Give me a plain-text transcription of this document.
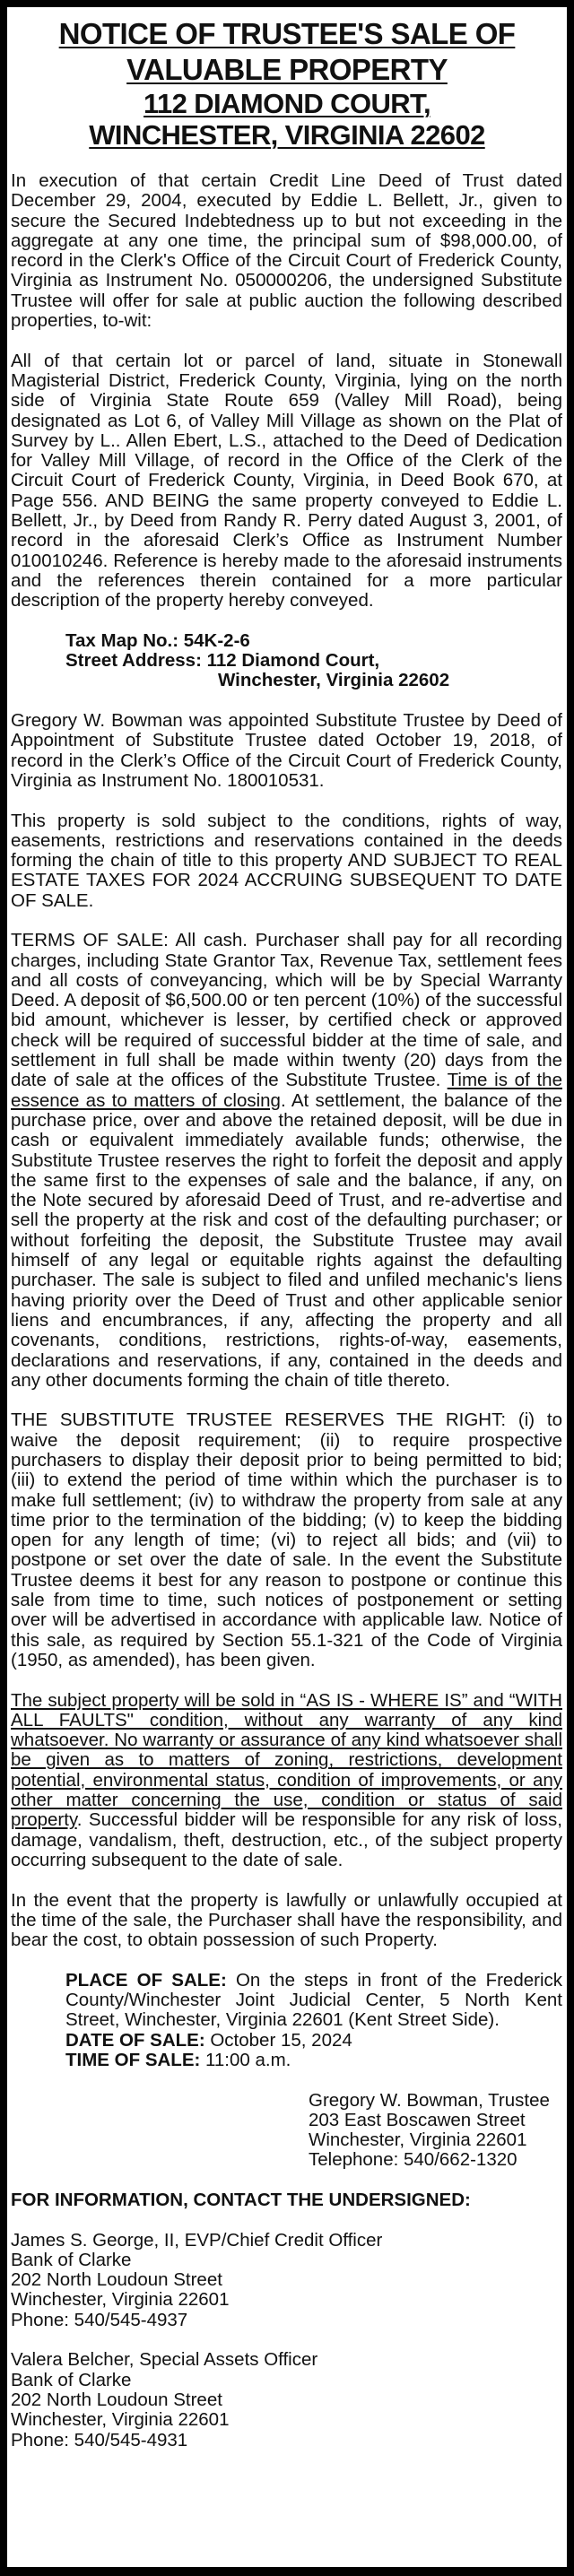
NOTICE OF TRUSTEE'S SALE OF
VALUABLE PROPERTY
112 DIAMOND COURT,
WINCHESTER, VIRGINIA 22602

In execution of that certain Credit Line Deed of Trust dated December 29, 2004, executed by Eddie L. Bellett, Jr., given to secure the Secured Indebtedness up to but not exceeding in the aggregate at any one time, the principal sum of $98,000.00, of record in the Clerk's Office of the Circuit Court of Frederick County, Virginia as Instrument No. 050000206, the undersigned Substitute Trustee will offer for sale at public auction the following described properties, to-wit:

All of that certain lot or parcel of land, situate in Stonewall Magisterial District, Frederick County, Virginia, lying on the north side of Virginia State Route 659 (Valley Mill Road), being designated as Lot 6, of Valley Mill Village as shown on the Plat of Survey by L.. Allen Ebert, L.S., attached to the Deed of Dedication for Valley Mill Village, of record in the Office of the Clerk of the Circuit Court of Frederick County, Virginia, in Deed Book 670, at Page 556. AND BEING the same property conveyed to Eddie L. Bellett, Jr., by Deed from Randy R. Perry dated August 3, 2001, of record in the aforesaid Clerk’s Office as Instrument Number 010010246. Reference is hereby made to the aforesaid instruments and the references therein contained for a more particular description of the property hereby conveyed.

Tax Map No.: 54K-2-6
Street Address: 112 Diamond Court,
Winchester, Virginia 22602

Gregory W. Bowman was appointed Substitute Trustee by Deed of Appointment of Substitute Trustee dated October 19, 2018, of record in the Clerk’s Office of the Circuit Court of Frederick County, Virginia as Instrument No. 180010531.

This property is sold subject to the conditions, rights of way, easements, restrictions and reservations contained in the deeds forming the chain of title to this property AND SUBJECT TO REAL ESTATE TAXES FOR 2024 ACCRUING SUBSEQUENT TO DATE OF SALE.

TERMS OF SALE: All cash. Purchaser shall pay for all recording charges, including State Grantor Tax, Revenue Tax, settlement fees and all costs of conveyancing, which will be by Special Warranty Deed. A deposit of $6,500.00 or ten percent (10%) of the successful bid amount, whichever is lesser, by certified check or approved check will be required of successful bidder at the time of sale, and settlement in full shall be made within twenty (20) days from the date of sale at the offices of the Substitute Trustee. Time is of the essence as to matters of closing. At settlement, the balance of the purchase price, over and above the retained deposit, will be due in cash or equivalent immediately available funds; otherwise, the Substitute Trustee reserves the right to forfeit the deposit and apply the same first to the expenses of sale and the balance, if any, on the Note secured by aforesaid Deed of Trust, and re-advertise and sell the property at the risk and cost of the defaulting purchaser; or without forfeiting the deposit, the Substitute Trustee may avail himself of any legal or equitable rights against the defaulting purchaser. The sale is subject to filed and unfiled mechanic's liens having priority over the Deed of Trust and other applicable senior liens and encumbrances, if any, affecting the property and all covenants, conditions, restrictions, rights-of-way, easements, declarations and reservations, if any, contained in the deeds and any other documents forming the chain of title thereto.

THE SUBSTITUTE TRUSTEE RESERVES THE RIGHT: (i) to waive the deposit requirement; (ii) to require prospective purchasers to display their deposit prior to being permitted to bid; (iii) to extend the period of time within which the purchaser is to make full settlement; (iv) to withdraw the property from sale at any time prior to the termination of the bidding; (v) to keep the bidding open for any length of time; (vi) to reject all bids; and (vii) to postpone or set over the date of sale. In the event the Substitute Trustee deems it best for any reason to postpone or continue this sale from time to time, such notices of postponement or setting over will be advertised in accordance with applicable law. Notice of this sale, as required by Section 55.1-321 of the Code of Virginia (1950, as amended), has been given.

The subject property will be sold in “AS IS - WHERE IS” and “WITH ALL FAULTS" condition, without any warranty of any kind whatsoever. No warranty or assurance of any kind whatsoever shall be given as to matters of zoning, restrictions, development potential, environmental status, condition of improvements, or any other matter concerning the use, condition or status of said property. Successful bidder will be responsible for any risk of loss, damage, vandalism, theft, destruction, etc., of the subject property occurring subsequent to the date of sale.

In the event that the property is lawfully or unlawfully occupied at the time of the sale, the Purchaser shall have the responsibility, and bear the cost, to obtain possession of such Property.

PLACE OF SALE: On the steps in front of the Frederick County/Winchester Joint Judicial Center, 5 North Kent Street, Winchester, Virginia 22601 (Kent Street Side).
DATE OF SALE: October 15, 2024
TIME OF SALE: 11:00 a.m.

Gregory W. Bowman, Trustee
203 East Boscawen Street
Winchester, Virginia 22601
Telephone: 540/662-1320

FOR INFORMATION, CONTACT THE UNDERSIGNED:

James S. George, II, EVP/Chief Credit Officer
Bank of Clarke
202 North Loudoun Street
Winchester, Virginia 22601
Phone: 540/545-4937

Valera Belcher, Special Assets Officer
Bank of Clarke
202 North Loudoun Street
Winchester, Virginia 22601
Phone: 540/545-4931
